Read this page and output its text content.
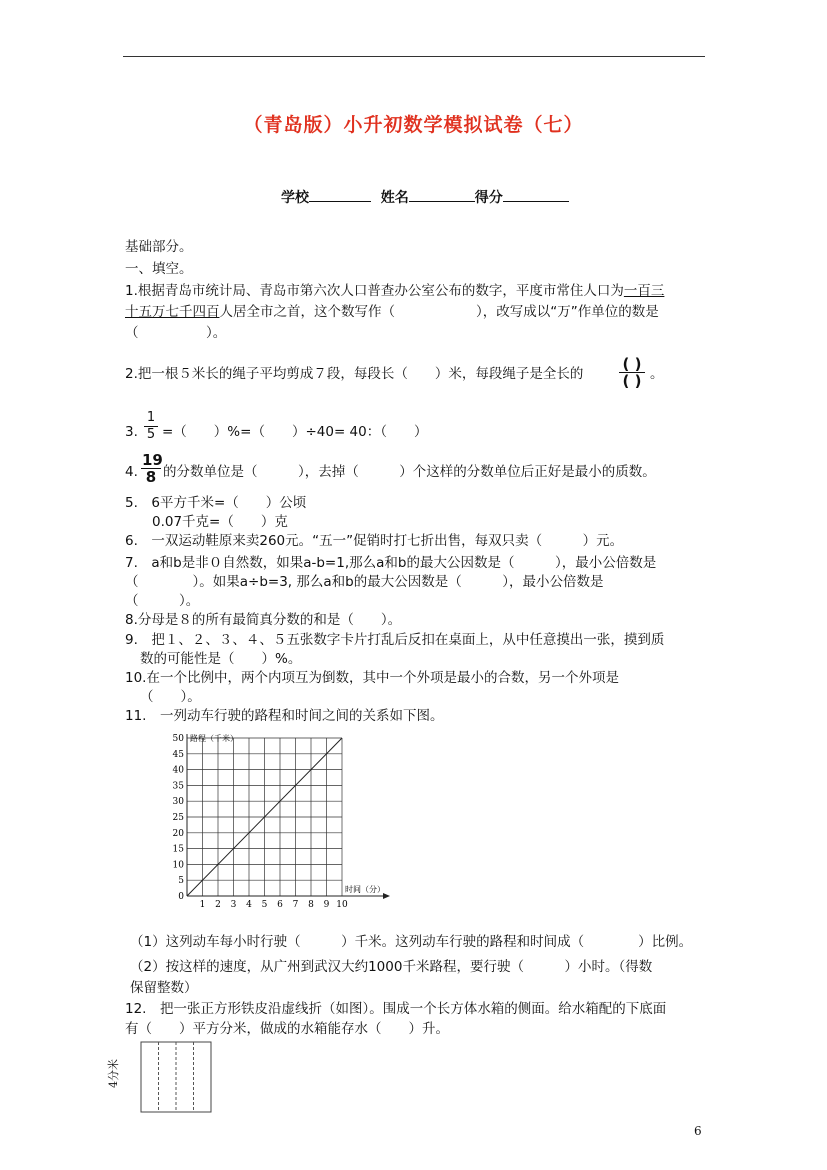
（青岛版）小升初数学模拟试卷（七）
学校	姓名	得分
基础部分。
一、填空。
1.根据青岛市统计局、青岛市第六次人口普查办公室公布的数字，平度市常住人口为一百三
十五万七千四百人居全市之首，这个数写作（　　　　　　），改写成以“万”作单位的数是
（　　　　　）。
2.把一根５米长的绳子平均剪成７段，每段长（　　）米，每段绳子是全长的
( )
( ) 。
3. $\frac{1}{5}$ =（　　）%=（　　）÷40= 40：（　　）
4. $\frac{19}{8}$ 的分数单位是（　　　），去掉（　　　）个这样的分数单位后正好是最小的质数。
5.　6平方千米=（　　）公顷
0.07千克=（　　）克
6.　一双运动鞋原来卖260元。“五一”促销时打七折出售，每双只卖（　　　）元。
7.　a和b是非０自然数，如果a-b=1,那么a和b的最大公因数是（　　　），最小公倍数是
（　　　　）。如果a÷b=3, 那么a和b的最大公因数是（　　　），最小公倍数是
（　　　）。
8.分母是８的所有最简真分数的和是（　　）。
9.　把１、２、３、４、５五张数字卡片打乱后反扣在桌面上，从中任意摸出一张，摸到质
数的可能性是（　　）%。
10.在一个比例中，两个内项互为倒数，其中一个外项是最小的合数，另一个外项是
（　　）。
11.　一列动车行驶的路程和时间之间的关系如下图。
1 2 3 4 5 6 7 8 9 10
0
5
10
15
20
25
30
35
40
45
50 路程（千米）
时间（分）
（1）这列动车每小时行驶（　　　）千米。这列动车行驶的路程和时间成（　　　　）比例。
（2）按这样的速度，从广州到武汉大约1000千米路程，要行驶（　　　）小时。（得数
保留整数）
12.　把一张正方形铁皮沿虚线折（如图）。围成一个长方体水箱的侧面。给水箱配的下底面
有（　　）平方分米，做成的水箱能存水（　　）升。
4分米
6
